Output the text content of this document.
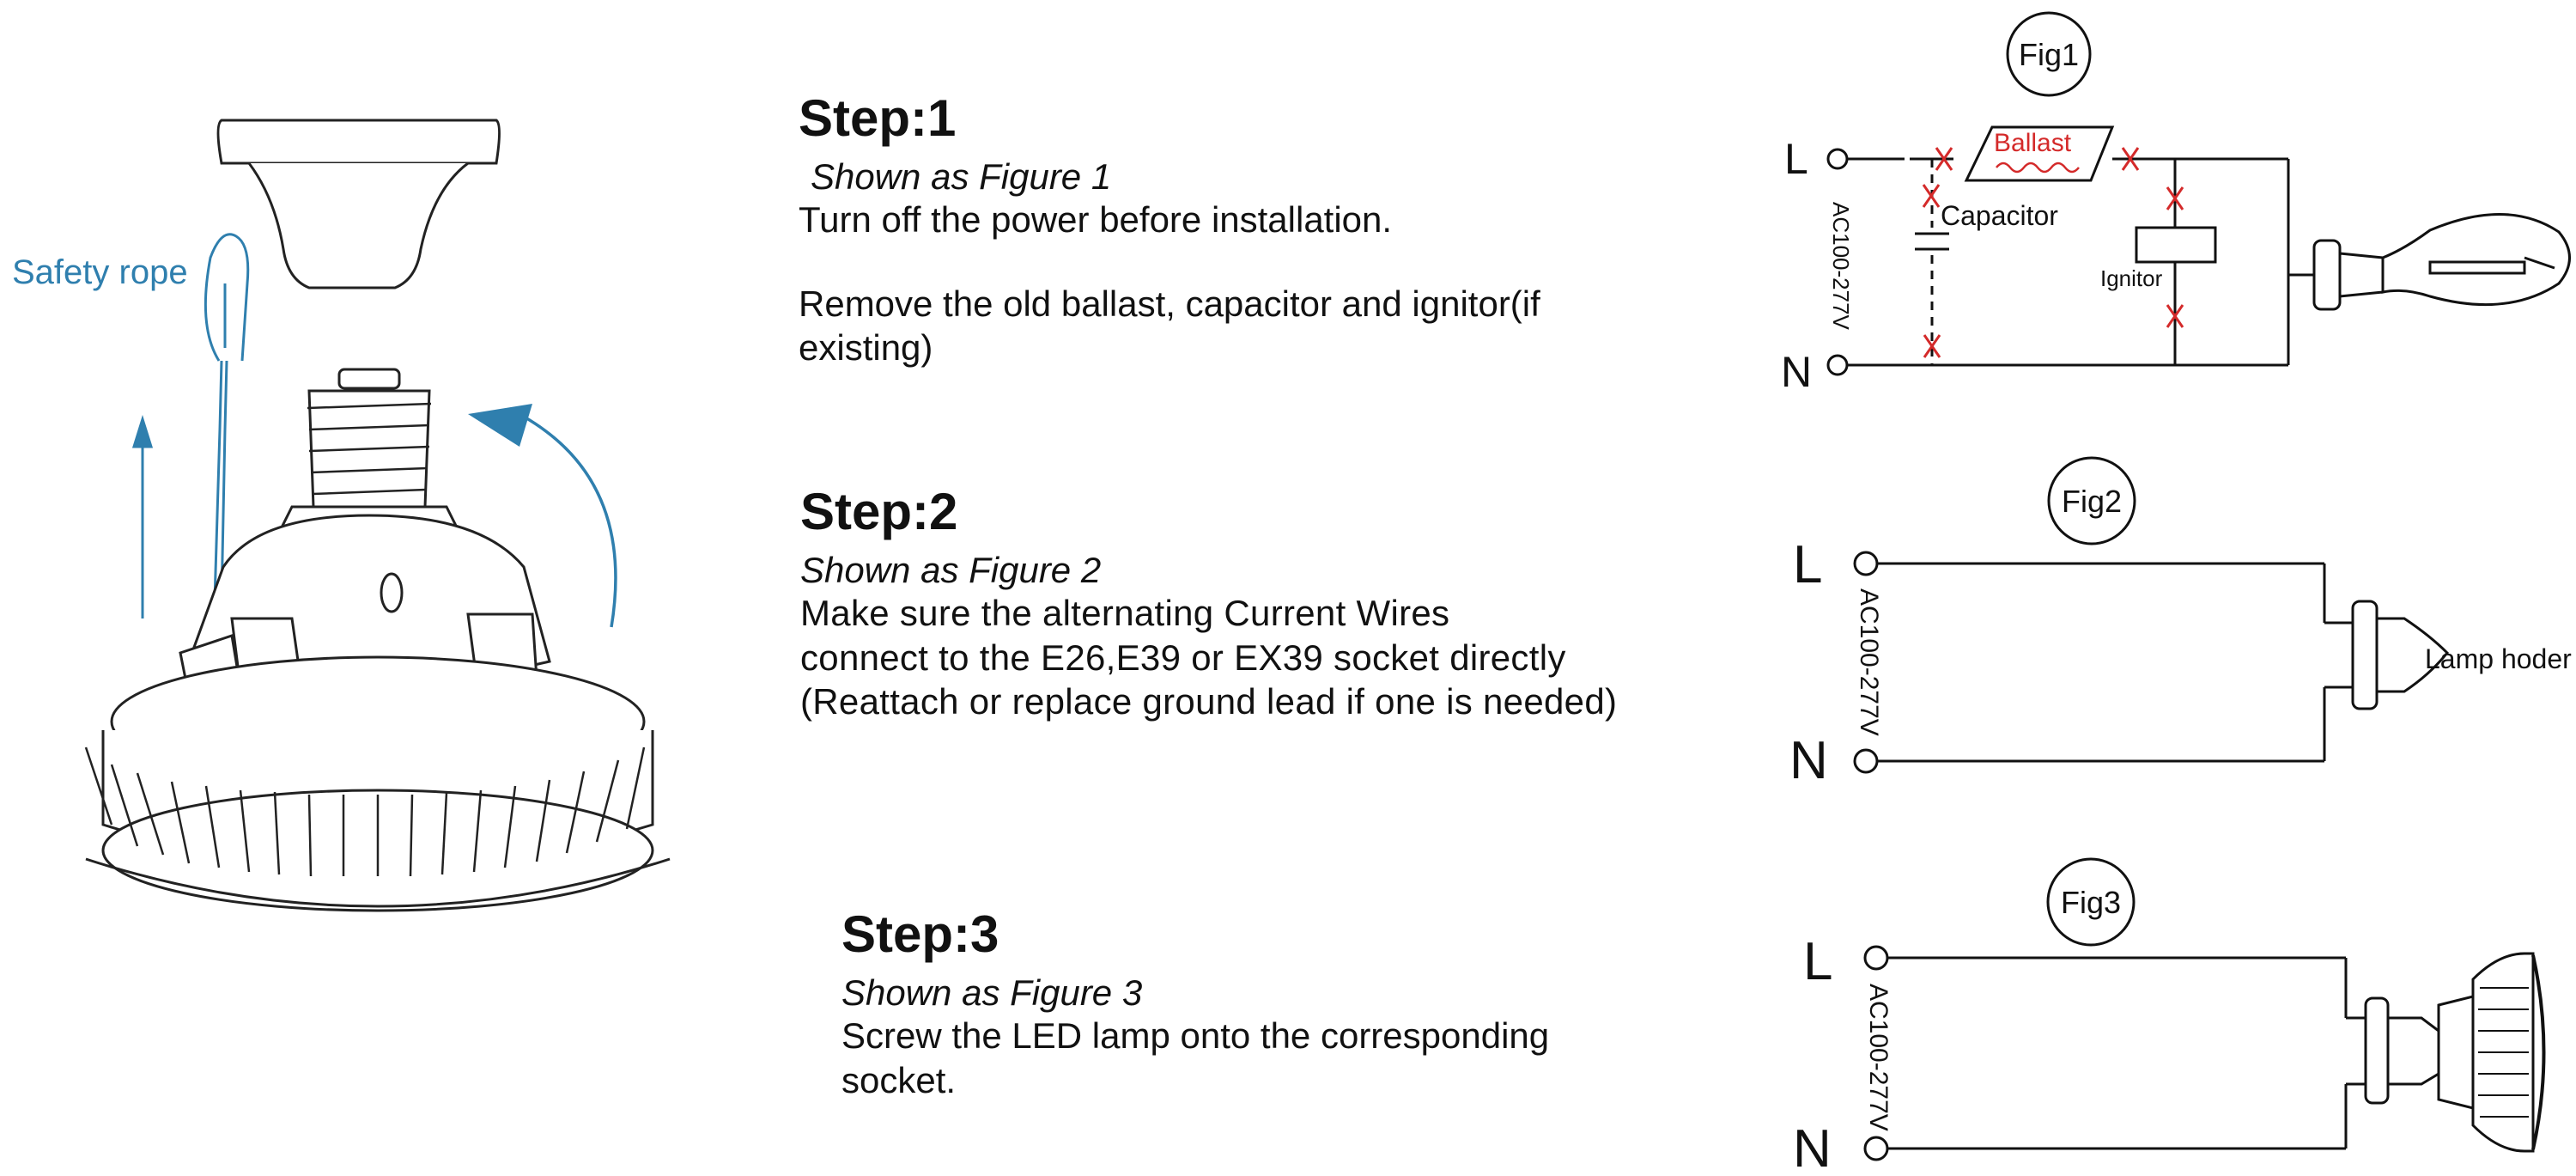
Safety rope

Step:1

Shown as Figure 1

Turn off the power before installation.

Remove the old ballast, capacitor and ignitor(if

existing)

Step:2

Shown as Figure 2

Make sure the alternating Current Wires

connect to the E26,E39 or EX39 socket directly

(Reattach or replace ground lead if one is needed)

Step:3

Shown as Figure 3

Screw the LED lamp onto the corresponding

socket.

Fig1
L
N
AC100-277V
Ballast
Capacitor
Ignitor
Fig2
L
N
AC100-277V	Lamp hoder
Fig3
L
N
AC100-277V
